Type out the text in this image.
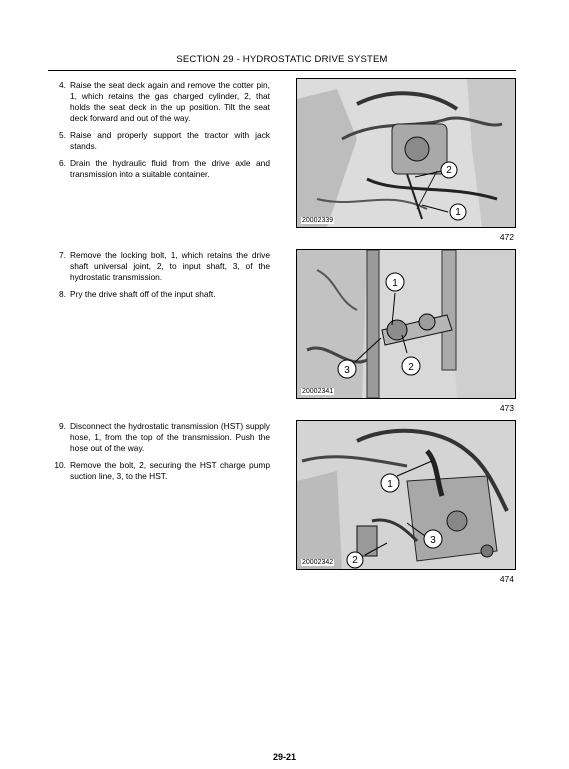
SECTION 29 - HYDROSTATIC DRIVE SYSTEM
4. Raise the seat deck again and remove the cotter pin, 1, which retains the gas charged cylinder, 2, that holds the seat deck in the up position. Tilt the seat deck forward and out of the way.
5. Raise and properly support the tractor with jack stands.
6. Drain the hydraulic fluid from the drive axle and transmission into a suitable container.	2
1
20002339
472
7. Remove the locking bolt, 1, which retains the drive shaft universal joint, 2, to input shaft, 3, of the hydrostatic transmission.
8. Pry the drive shaft off of the input shaft.
1
2
3
20002341
473
9. Disconnect the hydrostatic transmission (HST) supply hose, 1, from the top of the transmission. Push the hose out of the way.
10. Remove the bolt, 2, securing the HST charge pump suction line, 3, to the HST.
1
3
2
20002342
474
29-21
